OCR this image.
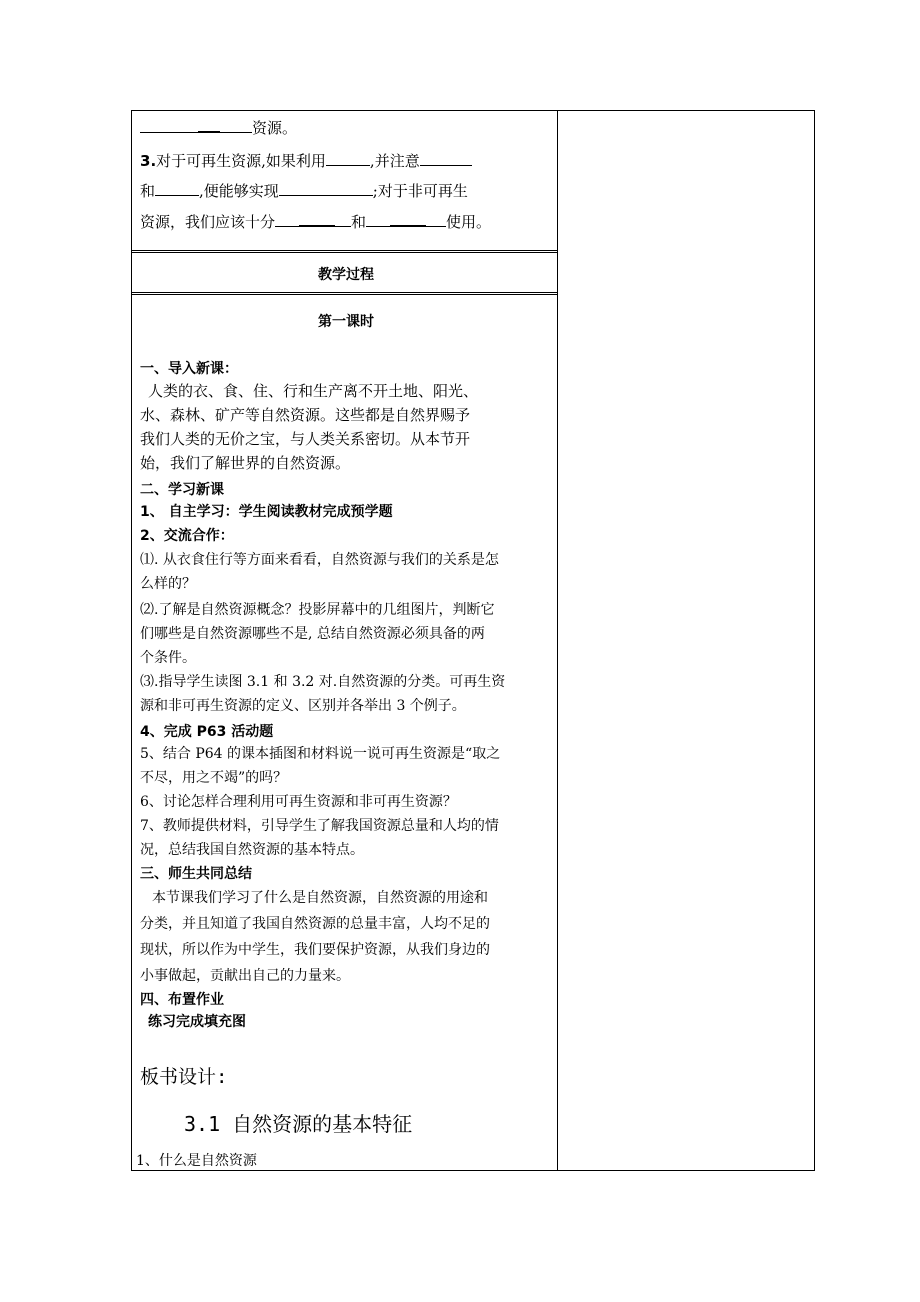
资源。
3.对于可再生资源,如果利用	,并注意
和	,便能够实现	;对于非可再生
资源，我们应该十分	和	使用。
教学过程
第一课时
一、导入新课：
人类的衣、食、住、行和生产离不开土地、阳光、
水、森林、矿产等自然资源。这些都是自然界赐予
我们人类的无价之宝，与人类关系密切。从本节开
始，我们了解世界的自然资源。
二、学习新课
1、 自主学习：学生阅读教材完成预学题
2、交流合作：
⑴. 从衣食住行等方面来看看，自然资源与我们的关系是怎
么样的？
⑵.了解是自然资源概念？投影屏幕中的几组图片，判断它
们哪些是自然资源哪些不是, 总结自然资源必须具备的两
个条件。
⑶.指导学生读图 3.1 和 3.2 对.自然资源的分类。可再生资
源和非可再生资源的定义、区别并各举出 3 个例子。
4、完成 P63 活动题
5、结合 P64 的课本插图和材料说一说可再生资源是“取之
不尽，用之不竭”的吗？
6、讨论怎样合理利用可再生资源和非可再生资源？
7、教师提供材料，引导学生了解我国资源总量和人均的情
况，总结我国自然资源的基本特点。
三、师生共同总结
本节课我们学习了什么是自然资源，自然资源的用途和
分类，并且知道了我国自然资源的总量丰富，人均不足的
现状，所以作为中学生，我们要保护资源，从我们身边的
小事做起，贡献出自己的力量来。
四、布置作业
练习完成填充图
板书设计:
3.1 自然资源的基本特征
1、什么是自然资源
